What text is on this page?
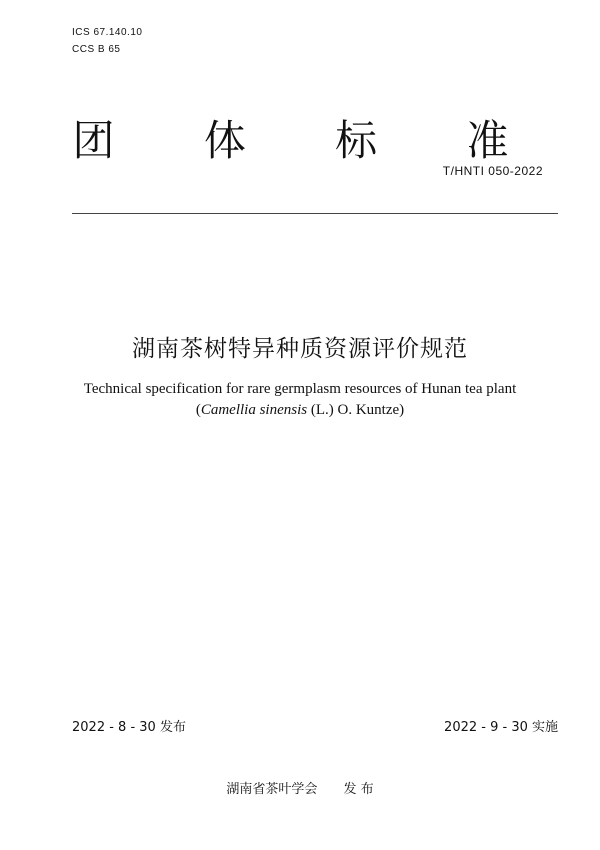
ICS 67.140.10
CCS B 65
团 体 标 准
T/HNTI 050-2022
湖南茶树特异种质资源评价规范
Technical specification for rare germplasm resources of Hunan tea plant
(Camellia sinensis (L.) O. Kuntze)
2022 - 8 - 30 发布	2022 - 9 - 30 实施
湖南省茶叶学会 发 布
